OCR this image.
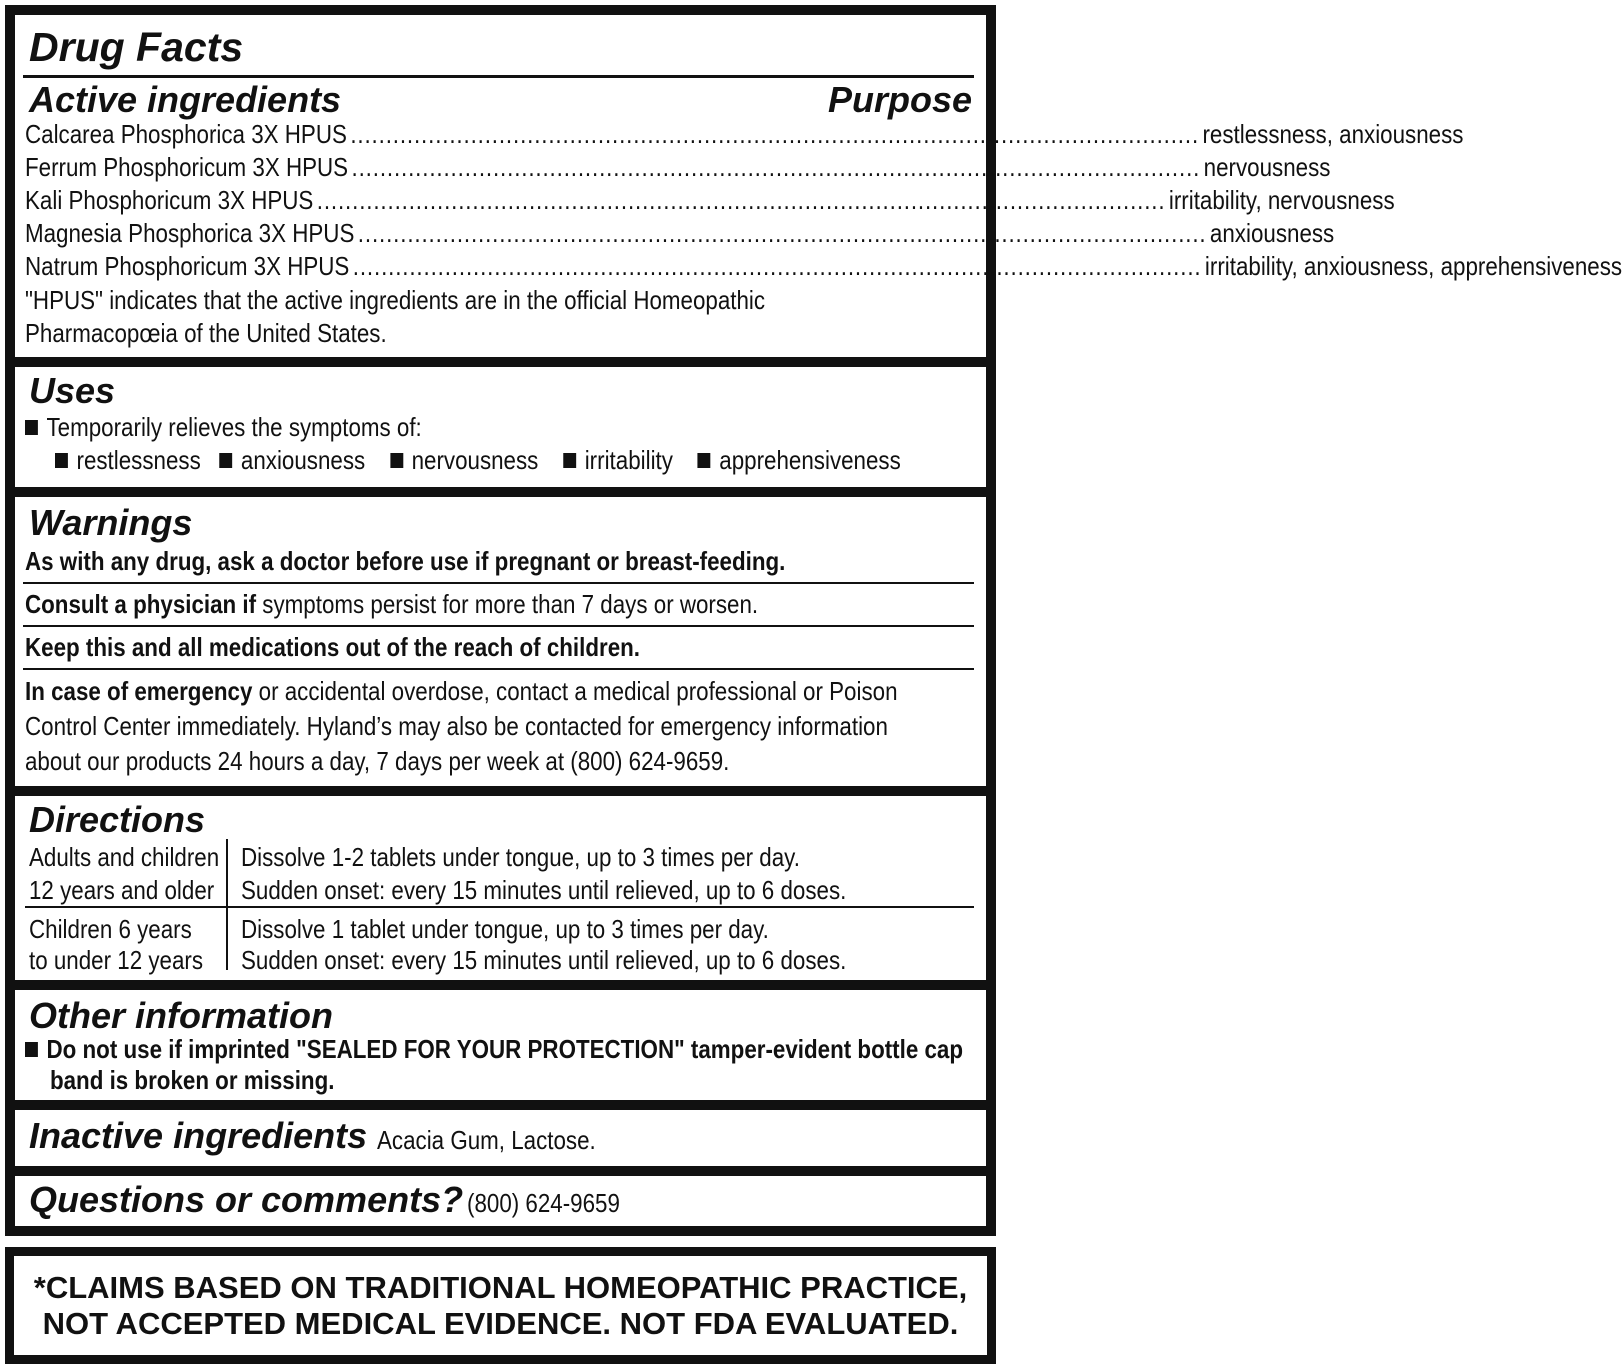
Drug Facts
Active ingredients	Purpose
Calcarea Phosphorica 3X HPUS ........................................................................................................................ restlessness, anxiousness
Ferrum Phosphoricum 3X HPUS ........................................................................................................................ nervousness
Kali Phosphoricum 3X HPUS ........................................................................................................................ irritability, nervousness
Magnesia Phosphorica 3X HPUS ........................................................................................................................ anxiousness
Natrum Phosphoricum 3X HPUS ........................................................................................................................ irritability, anxiousness, apprehensiveness
"HPUS" indicates that the active ingredients are in the official Homeopathic
Pharmacopœia of the United States.
Uses
Temporarily relieves the symptoms of:
restlessness anxiousness nervousness irritability apprehensiveness
Warnings
As with any drug, ask a doctor before use if pregnant or breast-feeding.
Consult a physician if symptoms persist for more than 7 days or worsen.
Keep this and all medications out of the reach of children.
In case of emergency or accidental overdose, contact a medical professional or Poison
Control Center immediately. Hyland’s may also be contacted for emergency information
about our products 24 hours a day, 7 days per week at (800) 624-9659.
Directions
Adults and children
12 years and older
Dissolve 1-2 tablets under tongue, up to 3 times per day.
Sudden onset: every 15 minutes until relieved, up to 6 doses.
Children 6 years
to under 12 years
Dissolve 1 tablet under tongue, up to 3 times per day.
Sudden onset: every 15 minutes until relieved, up to 6 doses.
Other information
Do not use if imprinted "SEALED FOR YOUR PROTECTION" tamper-evident bottle cap
band is broken or missing.
Inactive ingredients Acacia Gum, Lactose.
Questions or comments? (800) 624-9659
*CLAIMS BASED ON TRADITIONAL HOMEOPATHIC PRACTICE,
NOT ACCEPTED MEDICAL EVIDENCE. NOT FDA EVALUATED.
